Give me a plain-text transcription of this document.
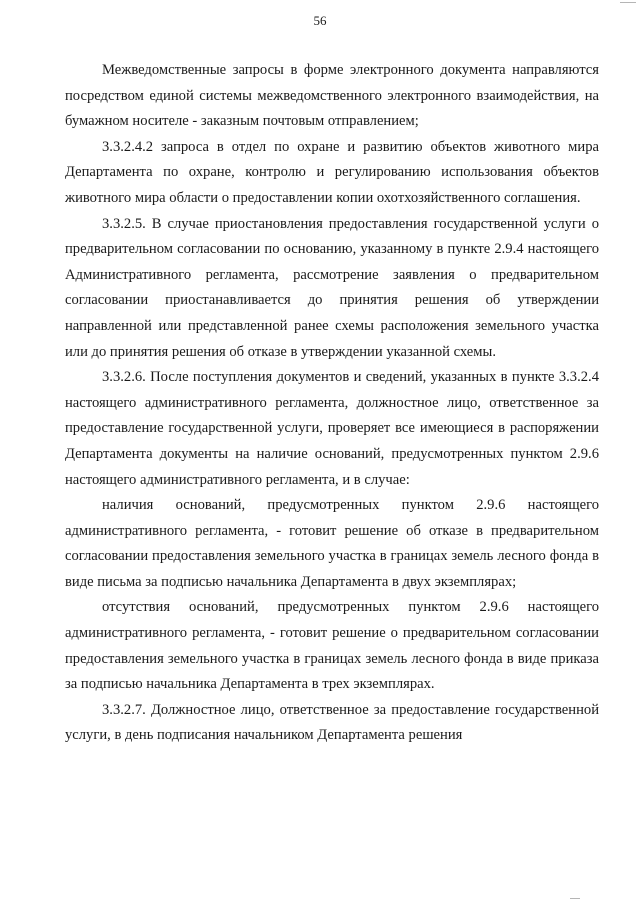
56

Межведомственные запросы в форме электронного документа направляются посредством единой системы межведомственного электронного взаимодействия, на бумажном носителе - заказным почтовым отправлением;

3.3.2.4.2 запроса в отдел по охране и развитию объектов животного мира Департамента по охране, контролю и регулированию использования объектов животного мира области о предоставлении копии охотхозяйственного соглашения.

3.3.2.5. В случае приостановления предоставления государственной услуги о предварительном согласовании по основанию, указанному в пункте 2.9.4 настоящего Административного регламента, рассмотрение заявления о предварительном согласовании приостанавливается до принятия решения об утверждении направленной или представленной ранее схемы расположения земельного участка или до принятия решения об отказе в утверждении указанной схемы.

3.3.2.6. После поступления документов и сведений, указанных в пункте 3.3.2.4 настоящего административного регламента, должностное лицо, ответственное за предоставление государственной услуги, проверяет все имеющиеся в распоряжении Департамента документы на наличие оснований, предусмотренных пунктом 2.9.6 настоящего административного регламента, и в случае:

наличия оснований, предусмотренных пунктом 2.9.6 настоящего административного регламента, - готовит решение об отказе в предварительном согласовании предоставления земельного участка в границах земель лесного фонда в виде письма за подписью начальника Департамента в двух экземплярах;

отсутствия оснований, предусмотренных пунктом 2.9.6 настоящего административного регламента, - готовит решение о предварительном согласовании предоставления земельного участка в границах земель лесного фонда в виде приказа за подписью начальника Департамента в трех экземплярах.

3.3.2.7. Должностное лицо, ответственное за предоставление государственной услуги, в день подписания начальником Департамента решения
